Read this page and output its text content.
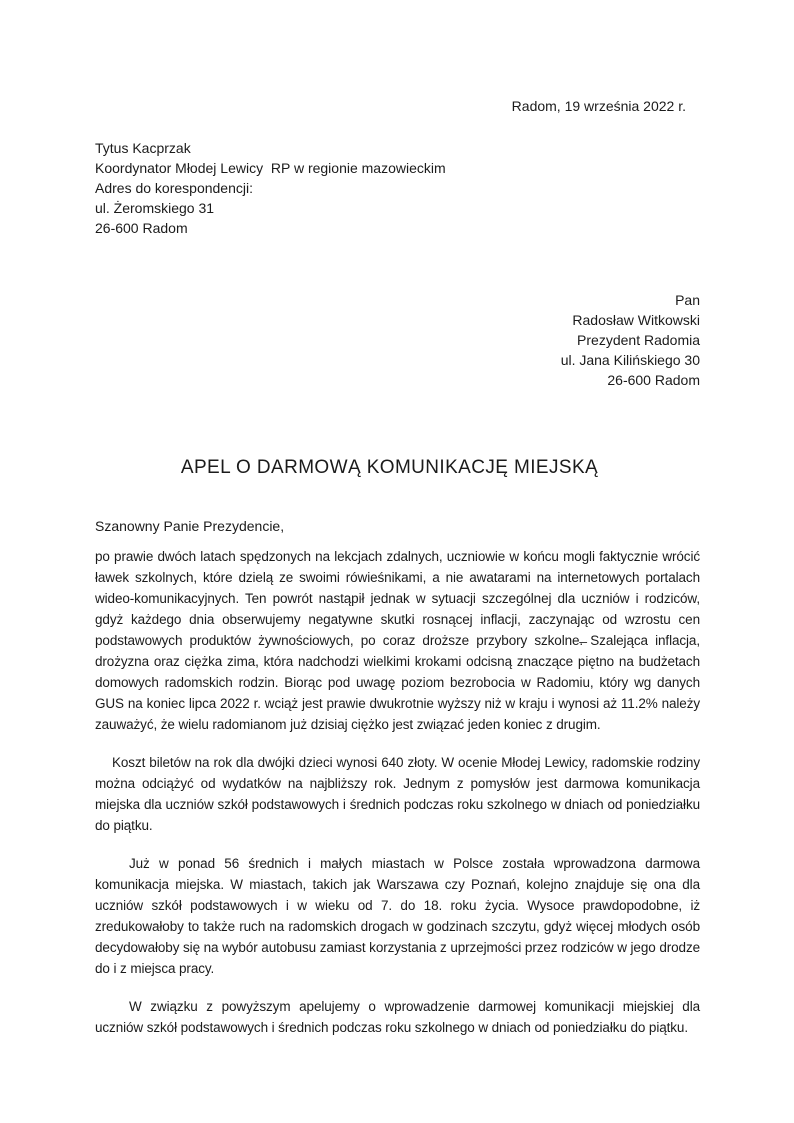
Radom, 19 września 2022 r.
Tytus Kacprzak
Koordynator Młodej Lewicy  RP w regionie mazowieckim
Adres do korespondencji:
ul. Żeromskiego 31
26-600 Radom
Pan
Radosław Witkowski
Prezydent Radomia
ul. Jana Kilińskiego 30
26-600 Radom
APEL O DARMOWĄ KOMUNIKACJĘ MIEJSKĄ
Szanowny Panie Prezydencie,

po prawie dwóch latach spędzonych na lekcjach zdalnych, uczniowie w końcu mogli faktycznie wrócić ławek szkolnych, które dzielą ze swoimi rówieśnikami, a nie awatarami na internetowych portalach wideo-komunikacyjnych. Ten powrót nastąpił jednak w sytuacji szczególnej dla uczniów i rodziców, gdyż każdego dnia obserwujemy negatywne skutki rosnącej inflacji, zaczynając od wzrostu cen podstawowych produktów żywnościowych, po coraz droższe przybory szkolne.̶ Szalejąca inflacja, drożyzna oraz ciężka zima, która nadchodzi wielkimi krokami odcisną znaczące piętno na budżetach domowych radomskich rodzin. Biorąc pod uwagę poziom bezrobocia w Radomiu, który wg danych GUS na koniec lipca 2022 r. wciąż jest prawie dwukrotnie wyższy niż w kraju i wynosi aż 11.2% należy zauważyć, że wielu radomianom już dzisiaj ciężko jest związać jeden koniec z drugim.

Koszt biletów na rok dla dwójki dzieci wynosi 640 złoty. W ocenie Młodej Lewicy, radomskie rodziny można odciążyć od wydatków na najbliższy rok. Jednym z pomysłów jest darmowa komunikacja miejska dla uczniów szkół podstawowych i średnich podczas roku szkolnego w dniach od poniedziałku do piątku.

Już w ponad 56 średnich i małych miastach w Polsce została wprowadzona darmowa komunikacja miejska. W miastach, takich jak Warszawa czy Poznań, kolejno znajduje się ona dla uczniów szkół podstawowych i w wieku od 7. do 18. roku życia. Wysoce prawdopodobne, iż zredukowałoby to także ruch na radomskich drogach w godzinach szczytu, gdyż więcej młodych osób decydowałoby się na wybór autobusu zamiast korzystania z uprzejmości przez rodziców w jego drodze do i z miejsca pracy.

W związku z powyższym apelujemy o wprowadzenie darmowej komunikacji miejskiej dla uczniów szkół podstawowych i średnich podczas roku szkolnego w dniach od poniedziałku do piątku.
